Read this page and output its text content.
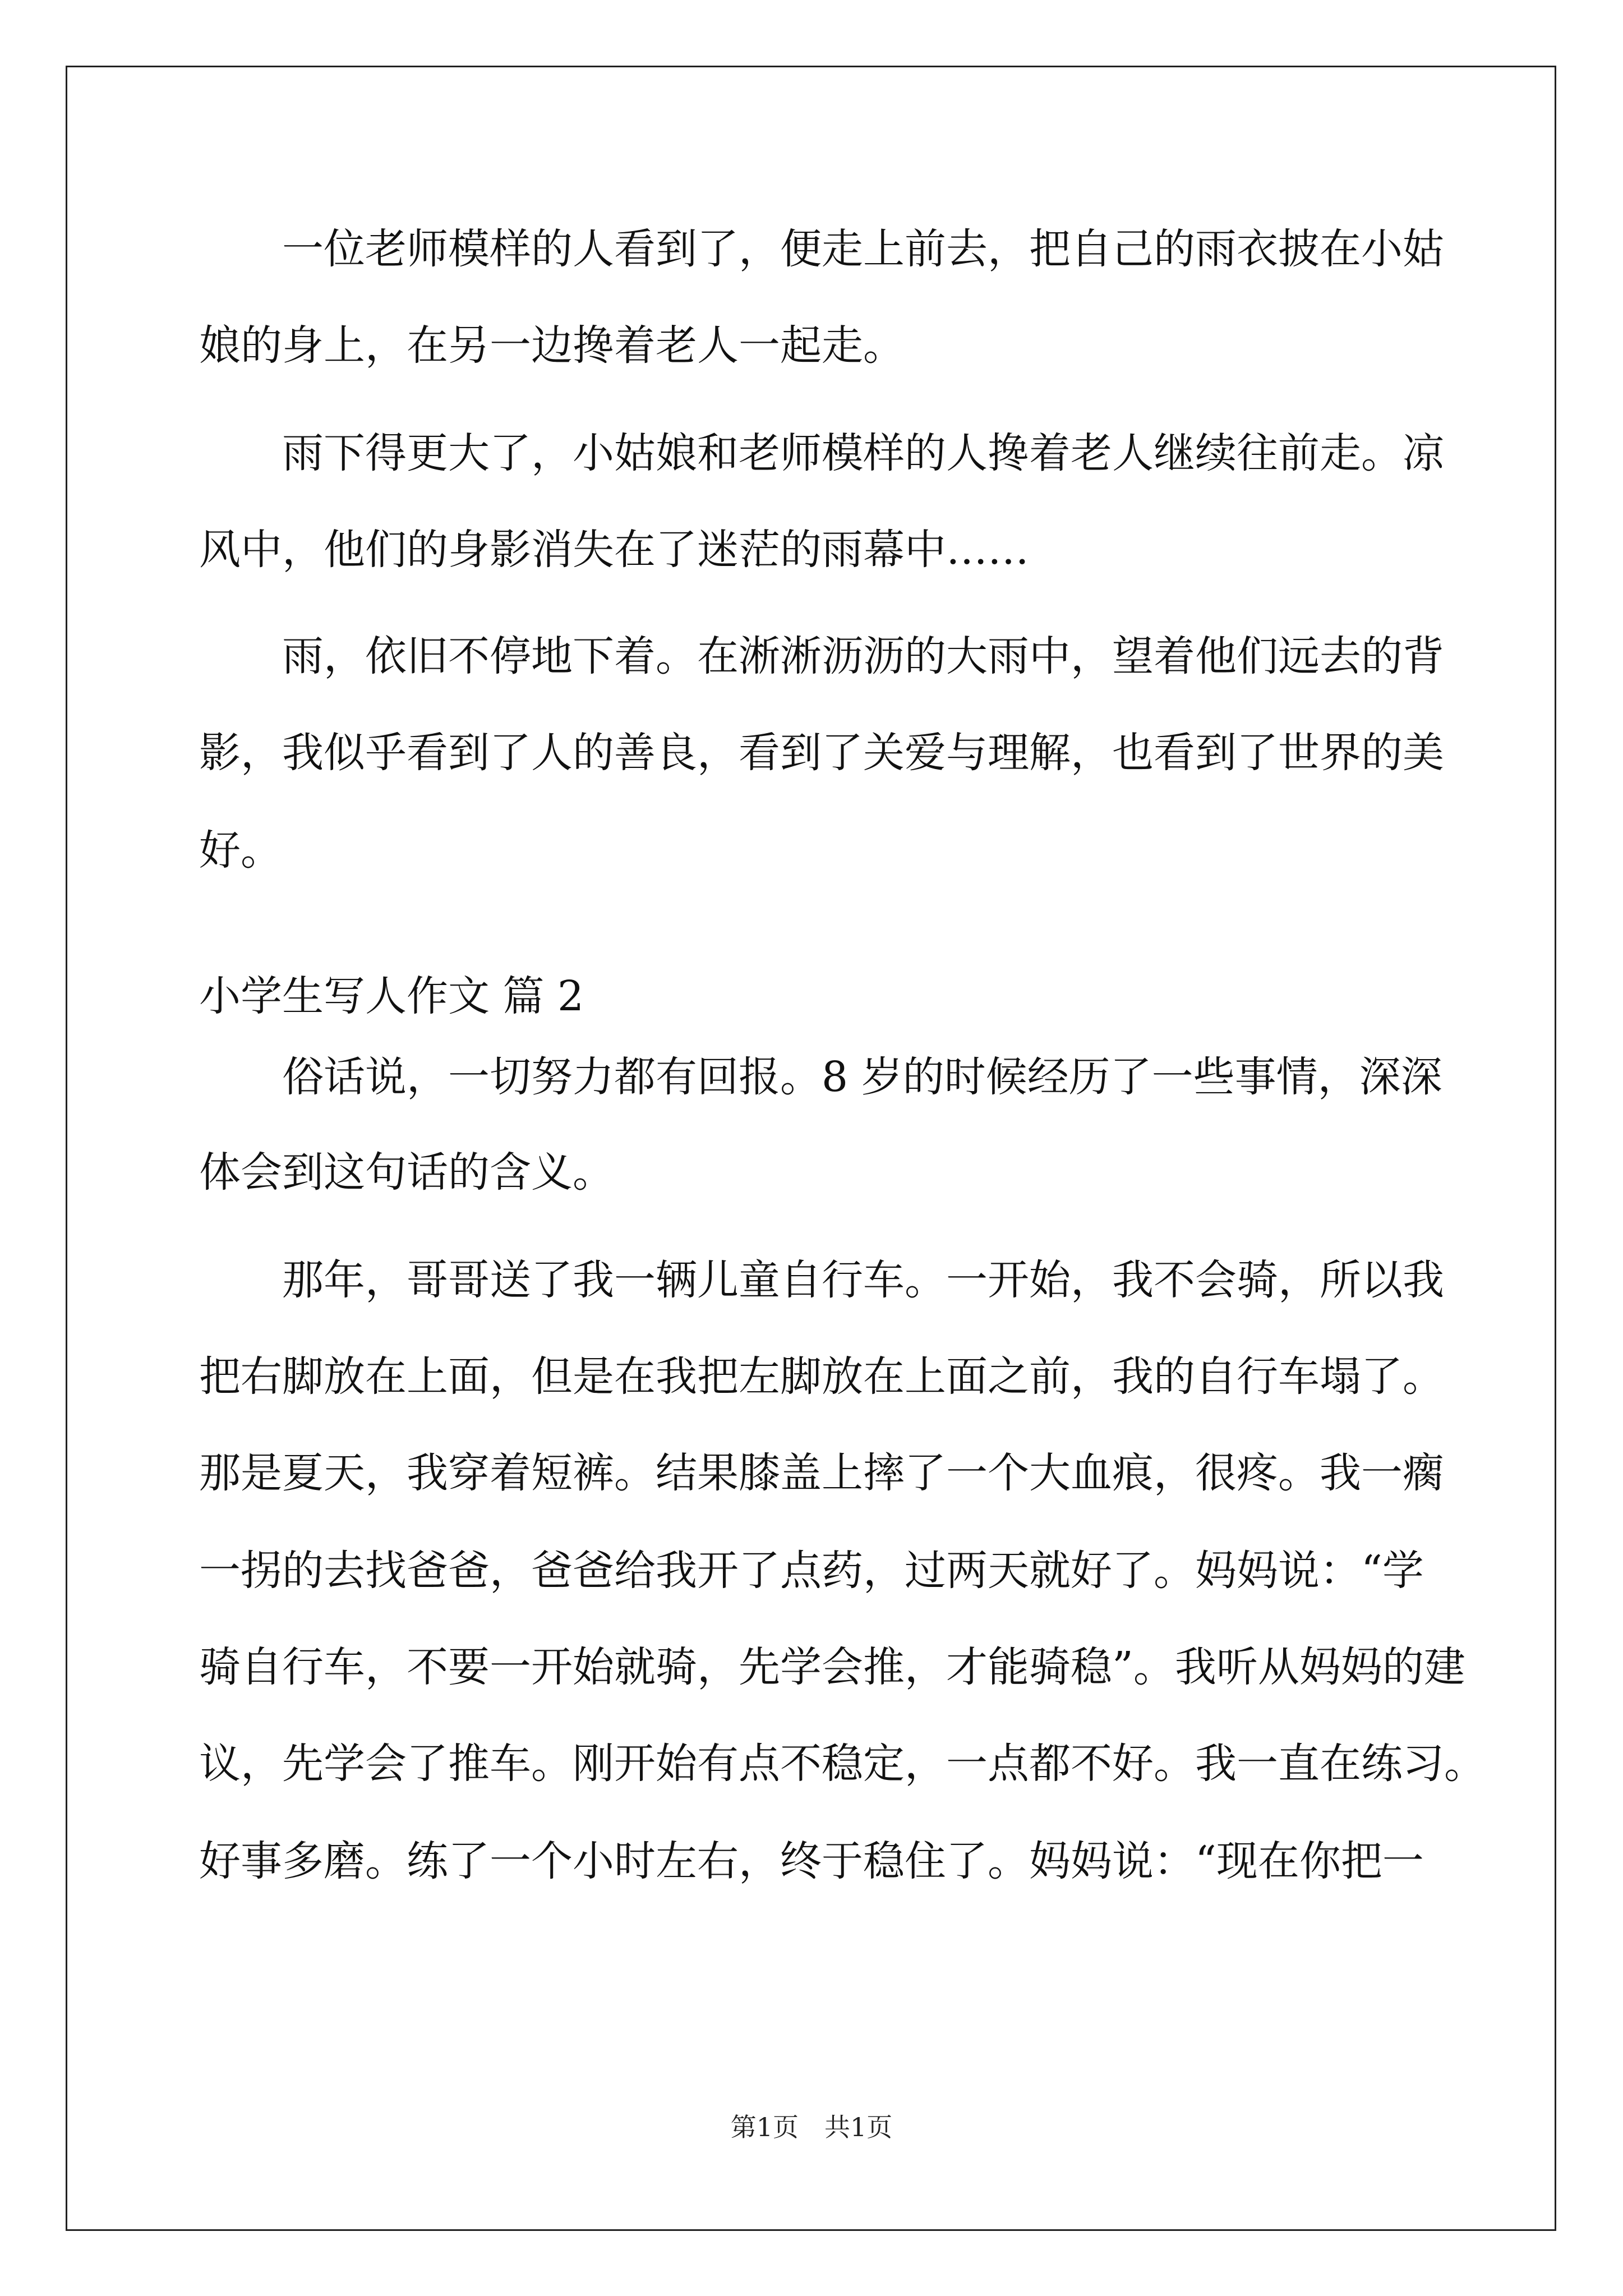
一位老师模样的人看到了，便走上前去，把自己的雨衣披在小姑
娘的身上，在另一边搀着老人一起走。
雨下得更大了，小姑娘和老师模样的人搀着老人继续往前走。凉
风中，他们的身影消失在了迷茫的雨幕中……
雨，依旧不停地下着。在淅淅沥沥的大雨中，望着他们远去的背
影，我似乎看到了人的善良，看到了关爱与理解，也看到了世界的美
好。
小学生写人作文 篇 2
俗话说，一切努力都有回报。8 岁的时候经历了一些事情，深深
体会到这句话的含义。
那年，哥哥送了我一辆儿童自行车。一开始，我不会骑，所以我
把右脚放在上面，但是在我把左脚放在上面之前，我的自行车塌了。
那是夏天，我穿着短裤。结果膝盖上摔了一个大血痕，很疼。我一瘸
一拐的去找爸爸，爸爸给我开了点药，过两天就好了。妈妈说：“学
骑自行车，不要一开始就骑，先学会推，才能骑稳”。我听从妈妈的建
议，先学会了推车。刚开始有点不稳定，一点都不好。我一直在练习。
好事多磨。练了一个小时左右，终于稳住了。妈妈说：“现在你把一
第1页　共1页
